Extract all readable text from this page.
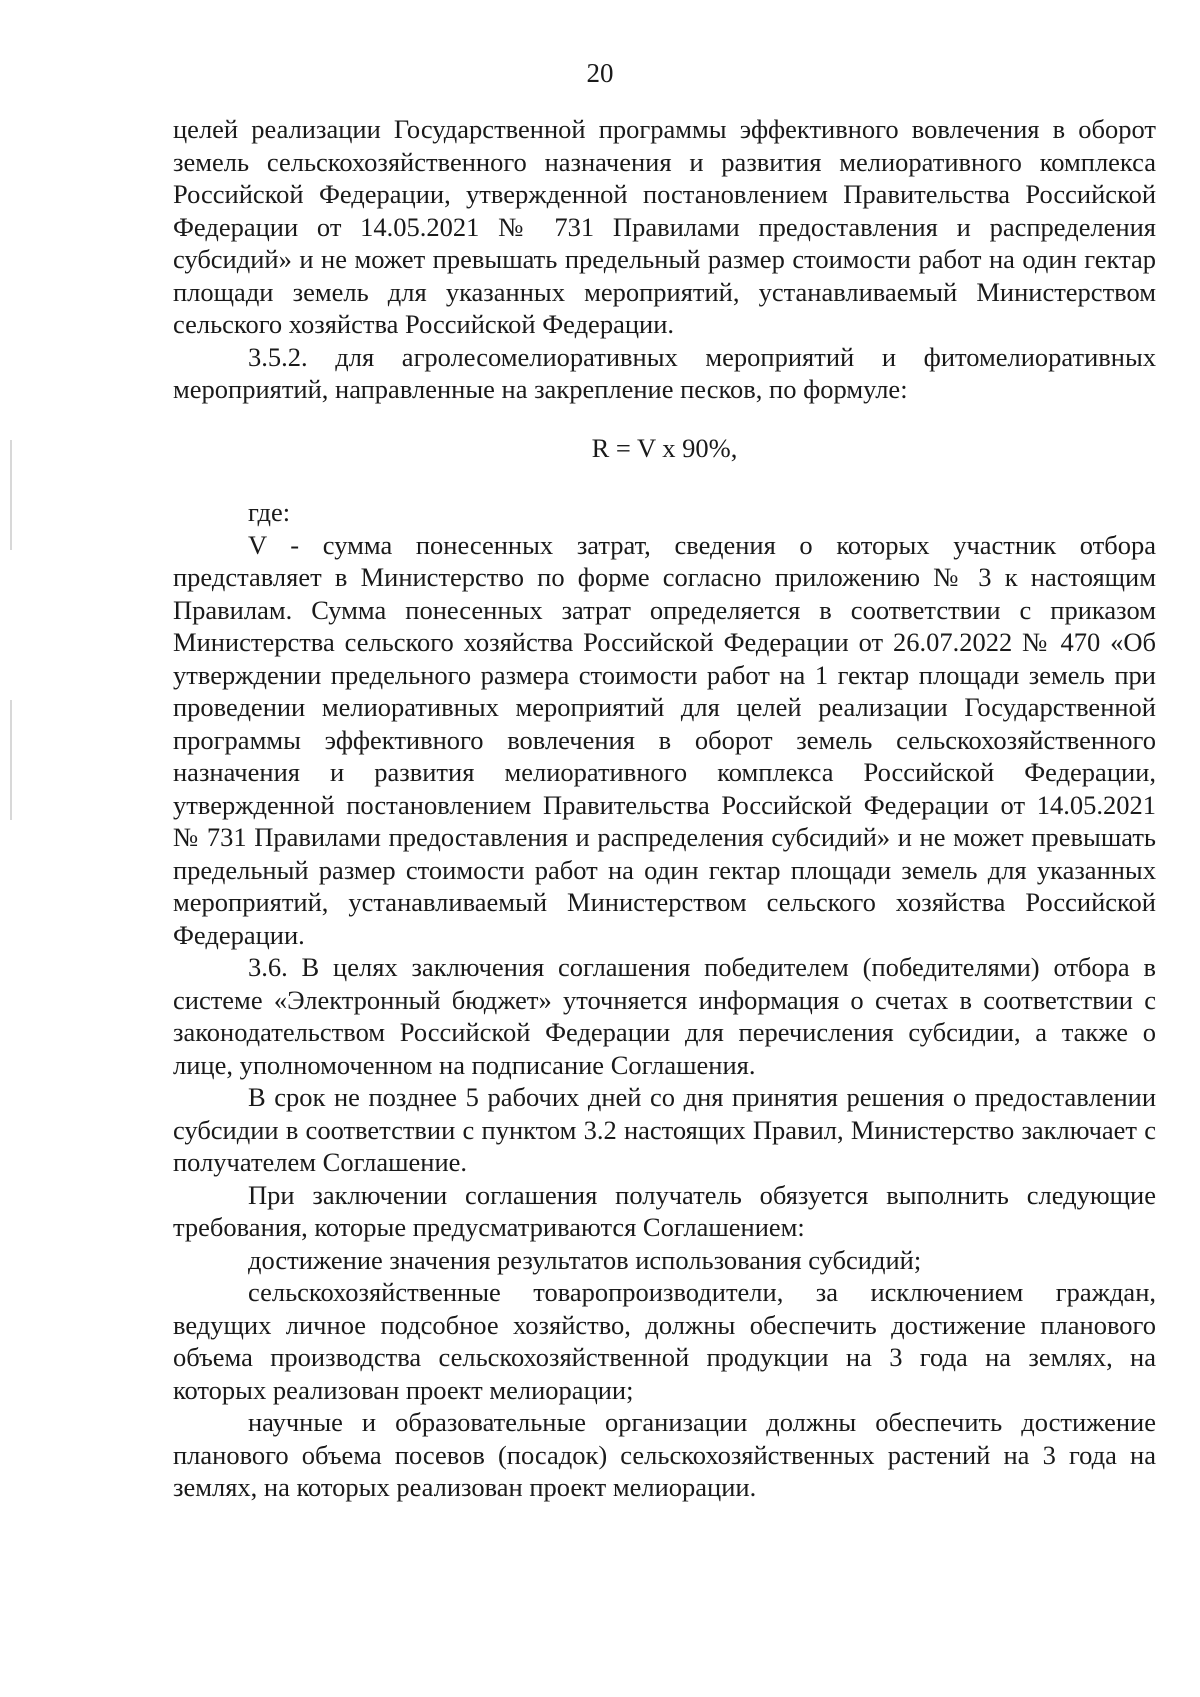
20

целей реализации Государственной программы эффективного вовлечения в оборот земель сельскохозяйственного назначения и развития мелиоративного комплекса Российской Федерации, утвержденной постановлением Правительства Российской Федерации от 14.05.2021 № 731 Правилами предоставления и распределения субсидий» и не может превышать предельный размер стоимости работ на один гектар площади земель для указанных мероприятий, устанавливаемый Министерством сельского хозяйства Российской Федерации.

3.5.2. для агролесомелиоративных мероприятий и фитомелиоративных мероприятий, направленные на закрепление песков, по формуле:

R = V x 90%,

где:

V - сумма понесенных затрат, сведения о которых участник отбора представляет в Министерство по форме согласно приложению № 3 к настоящим Правилам. Сумма понесенных затрат определяется в соответствии с приказом Министерства сельского хозяйства Российской Федерации от 26.07.2022 № 470 «Об утверждении предельного размера стоимости работ на 1 гектар площади земель при проведении мелиоративных мероприятий для целей реализации Государственной программы эффективного вовлечения в оборот земель сельскохозяйственного назначения и развития мелиоративного комплекса Российской Федерации, утвержденной постановлением Правительства Российской Федерации от 14.05.2021 № 731 Правилами предоставления и распределения субсидий» и не может превышать предельный размер стоимости работ на один гектар площади земель для указанных мероприятий, устанавливаемый Министерством сельского хозяйства Российской Федерации.

3.6. В целях заключения соглашения победителем (победителями) отбора в системе «Электронный бюджет» уточняется информация о счетах в соответствии с законодательством Российской Федерации для перечисления субсидии, а также о лице, уполномоченном на подписание Соглашения.

В срок не позднее 5 рабочих дней со дня принятия решения о предоставлении субсидии в соответствии с пунктом 3.2 настоящих Правил, Министерство заключает с получателем Соглашение.

При заключении соглашения получатель обязуется выполнить следующие требования, которые предусматриваются Соглашением:

достижение значения результатов использования субсидий;

сельскохозяйственные товаропроизводители, за исключением граждан, ведущих личное подсобное хозяйство, должны обеспечить достижение планового объема производства сельскохозяйственной продукции на 3 года на землях, на которых реализован проект мелиорации;

научные и образовательные организации должны обеспечить достижение планового объема посевов (посадок) сельскохозяйственных растений на 3 года на землях, на которых реализован проект мелиорации.
